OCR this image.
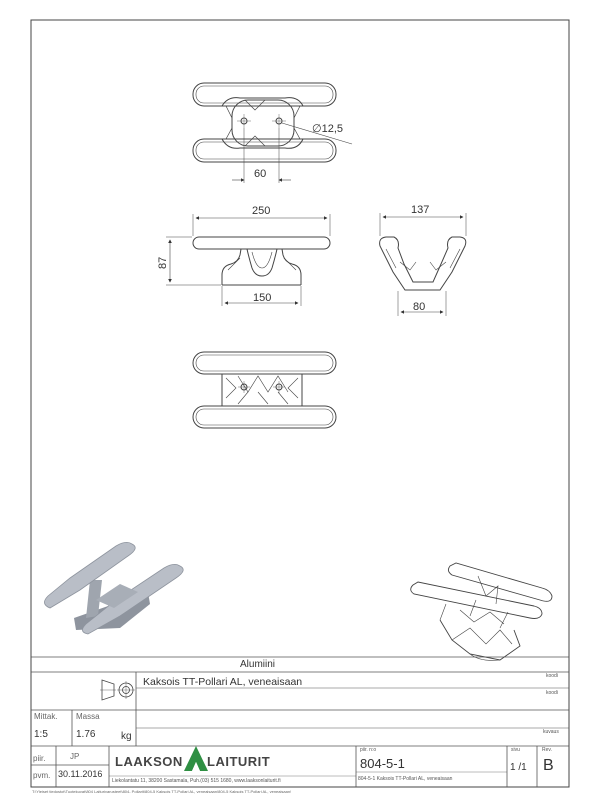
∅12,5
60
250
87
150
137
80
Alumiini
Kaksois TT-Pollari AL, veneaisaan	koodi
koodi
kuvaus
Mittak.
1:5
Massa
1.76	kg
piir.	JP
pvm. 30.11.2016
LAAKSON LAITURIT
Liekolantatu 11, 38200 Sastamala, Puh.(03) 515 1680, www.laaksonlaiturit.fi
piir. n:o
804-5-1
804-5-1 Kaksois TT-Pollari AL, veneaisaan
sivu
1 /1
Rev.
B
T:\Yleiset tiedostot\Tuotekuvat\804 Laiturivarusteet\804- Pollarit\804-5 Kaksois TT-Pollari AL, veneaisaan\804-5 Kaksois TT-Pollari AL, veneaisaan\
